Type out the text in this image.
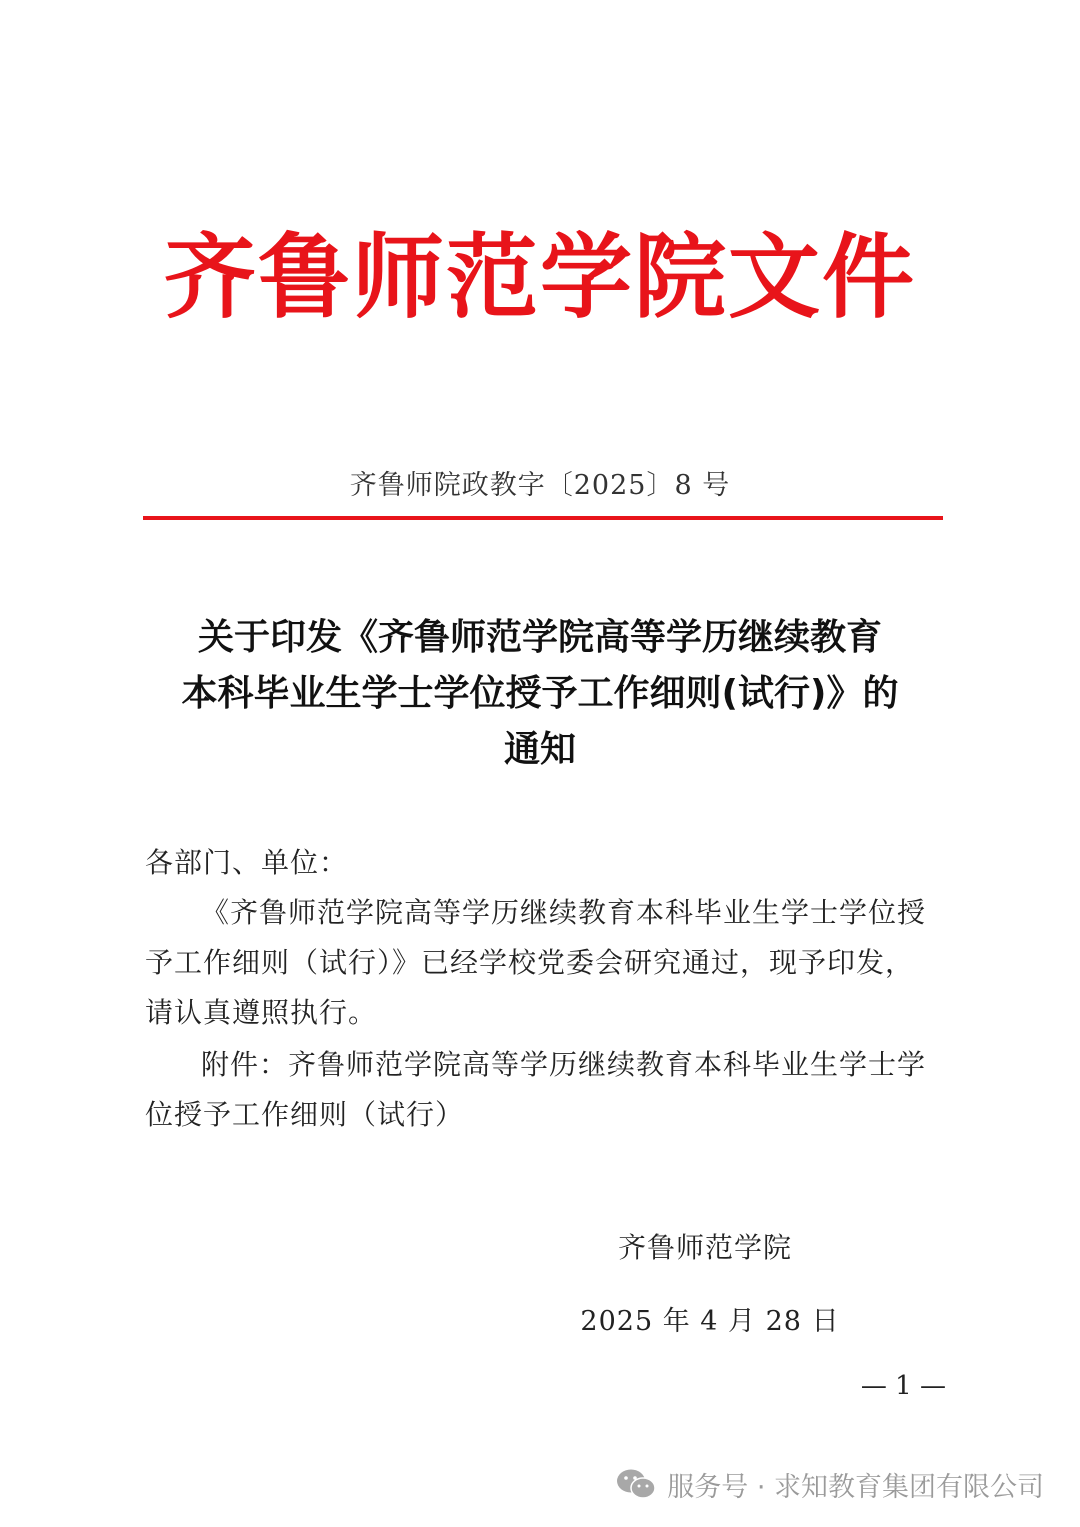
齐鲁师范学院文件
齐鲁师院政教字〔2025〕8 号
关于印发《齐鲁师范学院高等学历继续教育
本科毕业生学士学位授予工作细则(试行)》的
通知
各部门、单位：
《齐鲁师范学院高等学历继续教育本科毕业生学士学位授予工作细则（试行）》已经学校党委会研究通过，现予印发，请认真遵照执行。
附件：齐鲁师范学院高等学历继续教育本科毕业生学士学位授予工作细则（试行）
齐鲁师范学院
2025 年 4 月 28 日
— 1 —
服务号 · 求知教育集团有限公司
